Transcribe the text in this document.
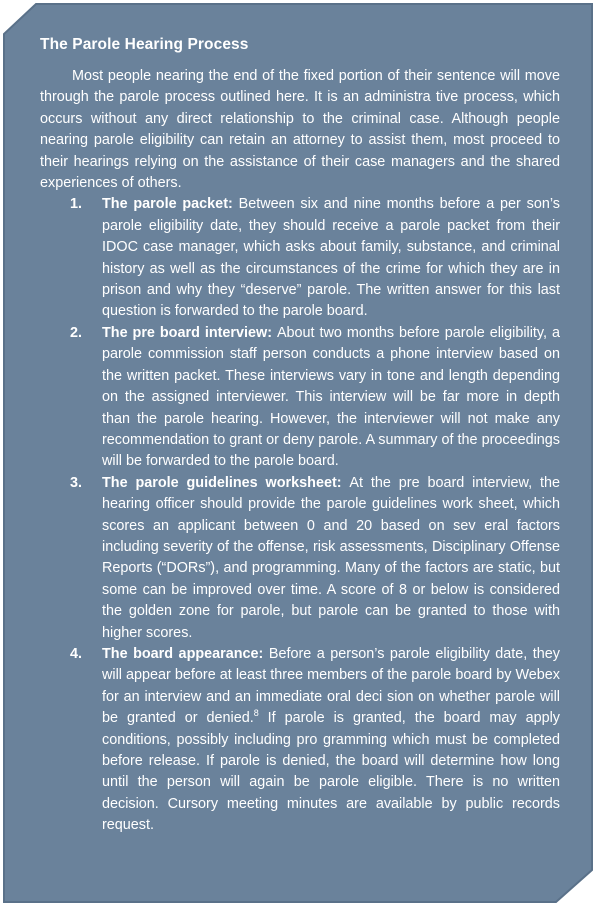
The Parole Hearing Process

Most people nearing the end of the fixed portion of their sentence will move through the parole process outlined here. It is an administra tive process, which occurs without any direct relationship to the criminal case. Although people nearing parole eligibility can retain an attorney to assist them, most proceed to their hearings relying on the assistance of their case managers and the shared experiences of others.

1. The parole packet: Between six and nine months before a per son’s parole eligibility date, they should receive a parole packet from their IDOC case manager, which asks about family, substance, and criminal history as well as the circumstances of the crime for which they are in prison and why they “deserve” parole. The written answer for this last question is forwarded to the parole board.
2. The pre board interview: About two months before parole eligibility, a parole commission staff person conducts a phone interview based on the written packet. These interviews vary in tone and length depending on the assigned interviewer. This interview will be far more in depth than the parole hearing. However, the interviewer will not make any recommendation to grant or deny parole. A summary of the proceedings will be forwarded to the parole board.
3. The parole guidelines worksheet: At the pre board interview, the hearing officer should provide the parole guidelines work sheet, which scores an applicant between 0 and 20 based on sev eral factors including severity of the offense, risk assessments, Disciplinary Offense Reports (“DORs”), and programming. Many of the factors are static, but some can be improved over time. A score of 8 or below is considered the golden zone for parole, but parole can be granted to those with higher scores.
4. The board appearance: Before a person’s parole eligibility date, they will appear before at least three members of the parole board by Webex for an interview and an immediate oral deci sion on whether parole will be granted or denied.$^8$ If parole is granted, the board may apply conditions, possibly including pro gramming which must be completed before release. If parole is denied, the board will determine how long until the person will again be parole eligible. There is no written decision. Cursory meeting minutes are available by public records request.
